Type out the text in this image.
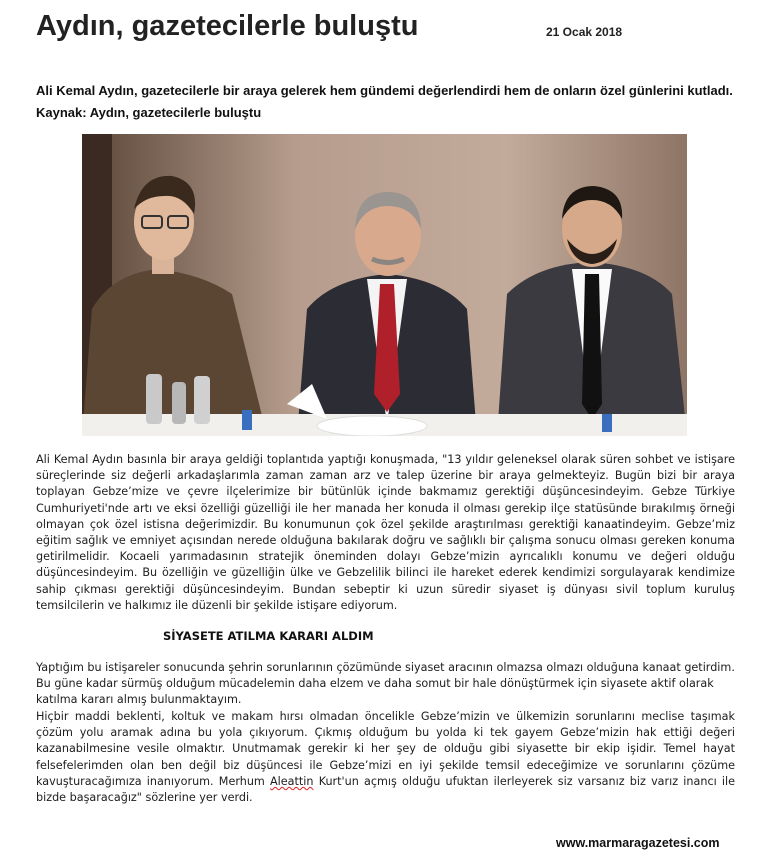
Aydın, gazetecilerle buluştu	21 Ocak 2018
Ali Kemal Aydın, gazetecilerle bir araya gelerek hem gündemi değerlendirdi hem de onların özel günlerini kutladı.
Kaynak: Aydın, gazetecilerle buluştu

Ali Kemal Aydın basınla bir araya geldiği toplantıda yaptığı konuşmada, "13 yıldır geleneksel olarak süren sohbet ve istişare süreçlerinde siz değerli arkadaşlarımla zaman zaman arz ve talep üzerine bir araya gelmekteyiz. Bugün bizi bir araya toplayan Gebze’mize ve çevre ilçelerimize bir bütünlük içinde bakmamız gerektiği düşüncesindeyim. Gebze Türkiye Cumhuriyeti'nde artı ve eksi özelliği güzelliği ile her manada her konuda il olması gerekip ilçe statüsünde bırakılmış örneği olmayan çok özel istisna değerimizdir. Bu konumunun çok özel şekilde araştırılması gerektiği kanaatindeyim. Gebze’miz eğitim sağlık ve emniyet açısından nerede olduğuna bakılarak doğru ve sağlıklı bir çalışma sonucu olması gereken konuma getirilmelidir. Kocaeli yarımadasının stratejik öneminden dolayı Gebze’mizin ayrıcalıklı konumu ve değeri olduğu düşüncesindeyim. Bu özelliğin ve güzelliğin ülke ve Gebzelilik bilinci ile hareket ederek kendimizi sorgulayarak kendimize sahip çıkması gerektiği düşüncesindeyim. Bundan sebeptir ki uzun süredir siyaset iş dünyası sivil toplum kuruluş temsilcilerin ve halkımız ile düzenli bir şekilde istişare ediyorum.

SİYASETE ATILMA KARARI ALDIM

Yaptığım bu istişareler sonucunda şehrin sorunlarının çözümünde siyaset aracının olmazsa olmazı olduğuna kanaat getirdim. Bu güne kadar sürmüş olduğum mücadelemin daha elzem ve daha somut bir hale dönüştürmek için siyasete aktif olarak katılma kararı almış bulunmaktayım.

Hiçbir maddi beklenti, koltuk ve makam hırsı olmadan öncelikle Gebze’mizin ve ülkemizin sorunlarını meclise taşımak çözüm yolu aramak adına bu yola çıkıyorum. Çıkmış olduğum bu yolda ki tek gayem Gebze’mizin hak ettiği değeri kazanabilmesine vesile olmaktır. Unutmamak gerekir ki her şey de olduğu gibi siyasette bir ekip işidir. Temel hayat felsefelerimden olan ben değil biz düşüncesi ile Gebze’mizi en iyi şekilde temsil edeceğimize ve sorunlarını çözüme kavuşturacağımıza inanıyorum. Merhum Aleattin Kurt'un açmış olduğu ufuktan ilerleyerek siz varsanız biz varız inancı ile bizde başaracağız" sözlerine yer verdi.

www.marmaragazetesi.com
